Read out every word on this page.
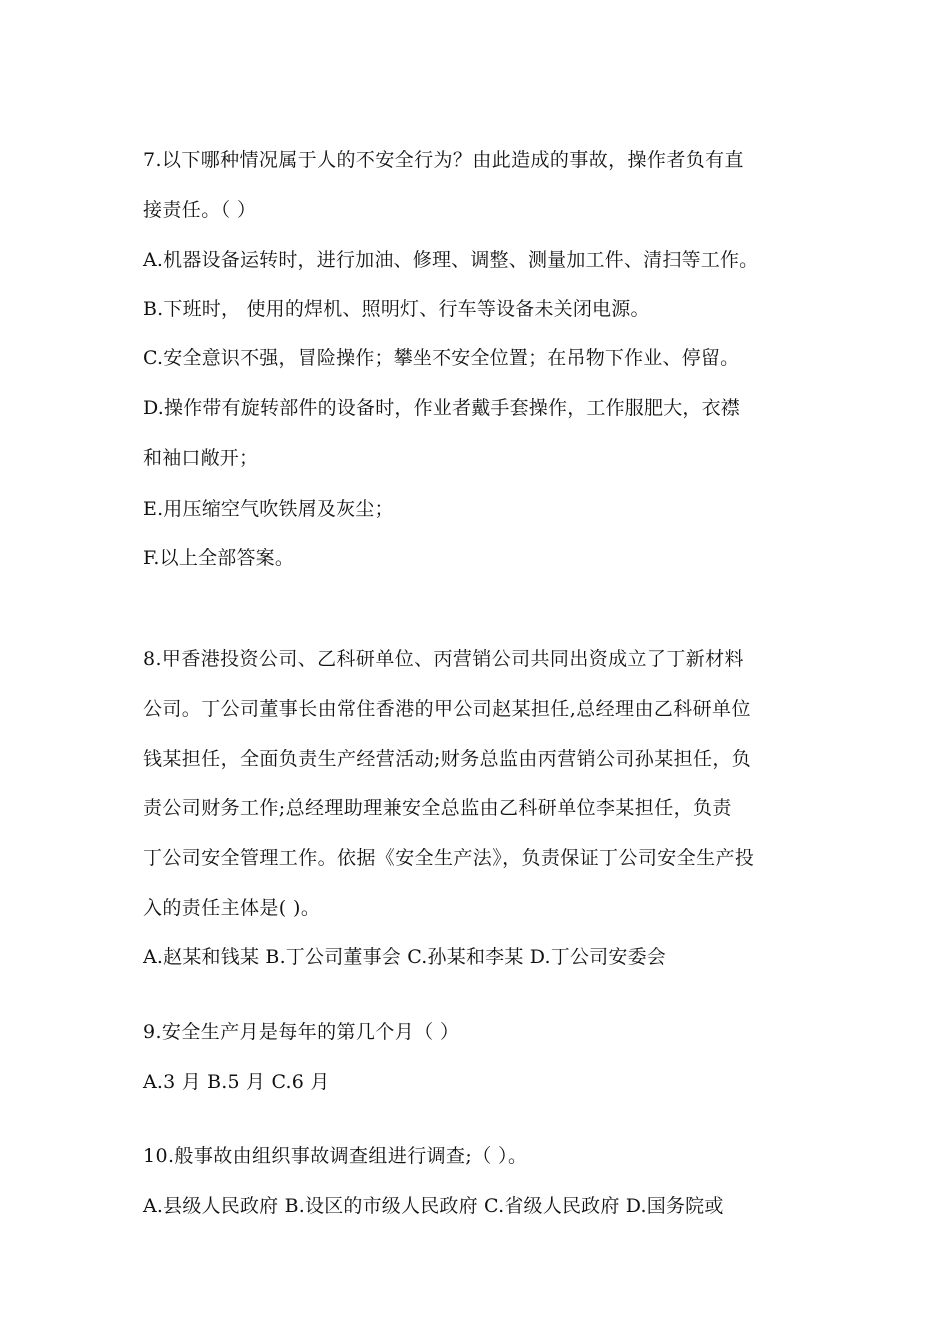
7.以下哪种情况属于人的不安全行为？由此造成的事故，操作者负有直
接责任。（ ）
A.机器设备运转时，进行加油、修理、调整、测量加工件、清扫等工作。
B.下班时， 使用的焊机、照明灯、行车等设备未关闭电源。
C.安全意识不强，冒险操作；攀坐不安全位置；在吊物下作业、停留。
D.操作带有旋转部件的设备时，作业者戴手套操作，工作服肥大，衣襟
和袖口敞开；
E.用压缩空气吹铁屑及灰尘；
F.以上全部答案。
8.甲香港投资公司、乙科研单位、丙营销公司共同出资成立了丁新材料
公司。丁公司董事长由常住香港的甲公司赵某担任,总经理由乙科研单位
钱某担任，全面负责生产经营活动;财务总监由丙营销公司孙某担任，负
责公司财务工作;总经理助理兼安全总监由乙科研单位李某担任，负责
丁公司安全管理工作。依据《安全生产法》，负责保证丁公司安全生产投
入的责任主体是( )。
A.赵某和钱某 B.丁公司董事会 C.孙某和李某 D.丁公司安委会
9.安全生产月是每年的第几个月（ ）
A.3 月 B.5 月 C.6 月
10.般事故由组织事故调查组进行调查;（ ）。
A.县级人民政府 B.设区的市级人民政府 C.省级人民政府 D.国务院或
